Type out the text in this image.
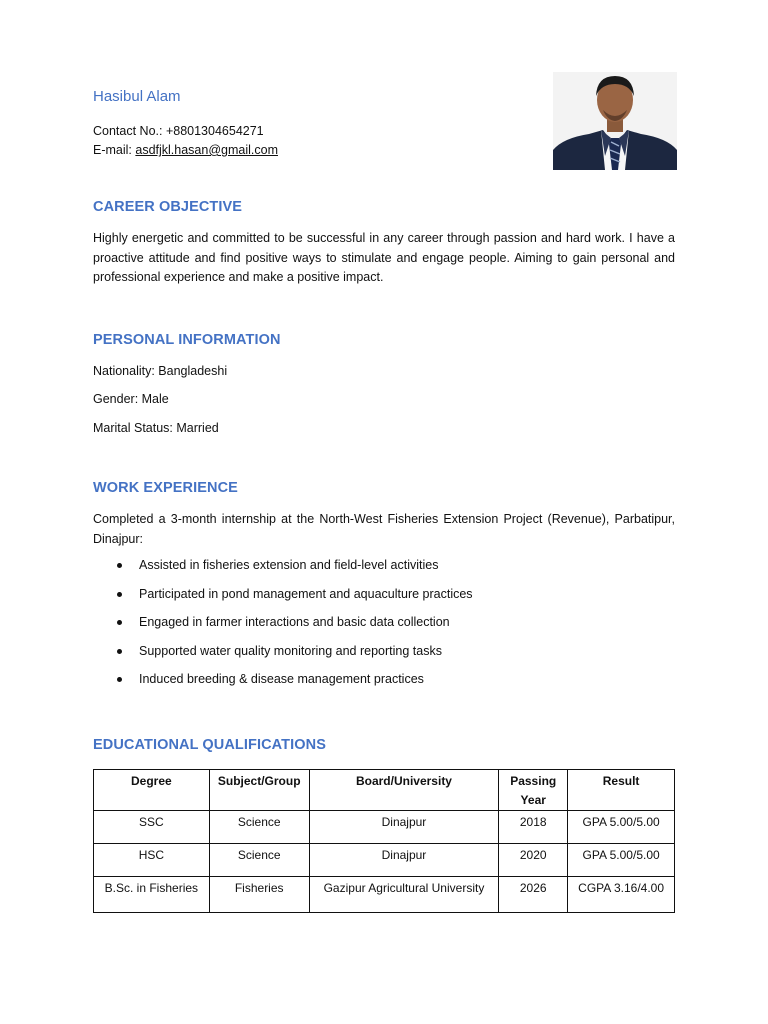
Hasibul Alam
Contact No.: +8801304654271
E-mail: asdfjkl.hasan@gmail.com
CAREER OBJECTIVE
Highly energetic and committed to be successful in any career through passion and hard work. I have a proactive attitude and find positive ways to stimulate and engage people. Aiming to gain personal and professional experience and make a positive impact.
PERSONAL INFORMATION
Nationality: Bangladeshi
Gender: Male
Marital Status: Married
WORK EXPERIENCE
Completed a 3-month internship at the North-West Fisheries Extension Project (Revenue), Parbatipur, Dinajpur:
Assisted in fisheries extension and field-level activities
Participated in pond management and aquaculture practices
Engaged in farmer interactions and basic data collection
Supported water quality monitoring and reporting tasks
Induced breeding & disease management practices
EDUCATIONAL QUALIFICATIONS
Degree	Subject/Group	Board/University	Passing Year	Result
SSC	Science	Dinajpur	2018	GPA 5.00/5.00
HSC	Science	Dinajpur	2020	GPA 5.00/5.00
B.Sc. in Fisheries	Fisheries	Gazipur Agricultural University	2026	CGPA 3.16/4.00
